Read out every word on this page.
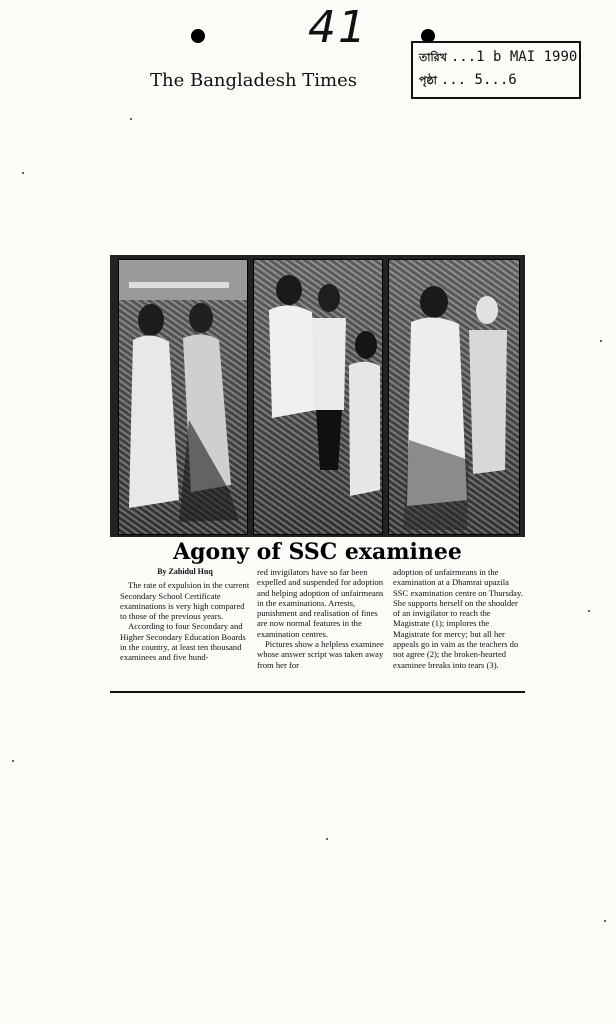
41
The Bangladesh Times
তারিখ ...1 b MAI 1990
পৃষ্ঠা ... 5...6
Agony of SSC examinee

By Zahidul Huq

The rate of expulsion in the current Secondary School Certificate examinations is very high compared to those of the previous years.

According to four Secondary and Higher Secondary Education Boards in the country, at least ten thousand examinees and five hund-

red invigilators have so far been expelled and suspended for adoption and helping adoption of unfairmeans in the examinations. Arrests, punishment and realisation of fines are now normal features in the examination centres.

Pictures show a helpless examinee whose answer script was taken away from her for

adoption of unfairmeans in the examination at a Dhamrai upazila SSC examination centre on Thursday. She supports herself on the shoulder of an invigilator to reach the Magistrate (1); implores the Magistrate for mercy; but all her appeals go in vain as the teachers do not agree (2); the broken-hearted examinee breaks into tears (3).
